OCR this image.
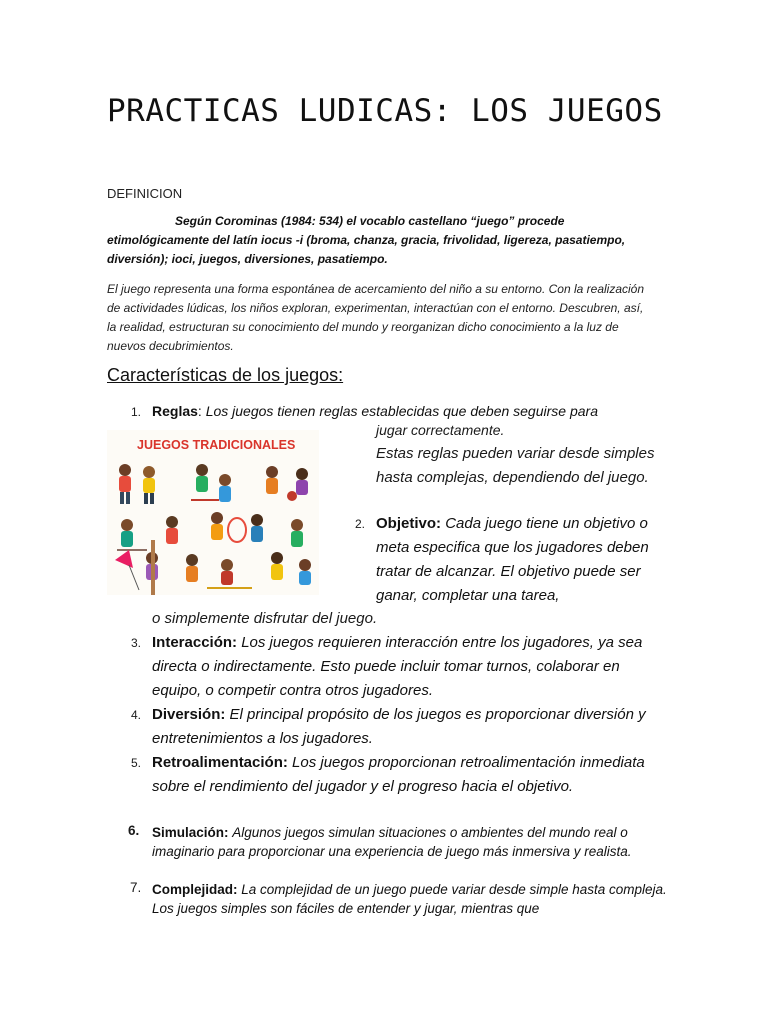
PRACTICAS LUDICAS: LOS JUEGOS
DEFINICION
Según Corominas (1984: 534) el vocablo castellano “juego” procede etimológicamente del latín iocus -i (broma, chanza, gracia, frivolidad, ligereza, pasatiempo, diversión); ioci, juegos, diversiones, pasatiempo.
El juego representa una forma espontánea de acercamiento del niño a su entorno. Con la realización de actividades lúdicas, los niños exploran, experimentan, interactúan con el entorno. Descubren, así, la realidad, estructuran su conocimiento del mundo y reorganizan dicho conocimiento a la luz de nuevos decubrimientos.
Características de los juegos:
JUEGOS TRADICIONALES
1. Reglas: Los juegos tienen reglas establecidas que deben seguirse para
jugar correctamente.
Estas reglas pueden variar desde simples hasta complejas, dependiendo del juego.
2. Objetivo: Cada juego tiene un objetivo o meta especifica que los jugadores deben tratar de alcanzar. El objetivo puede ser ganar, completar una tarea,
o simplemente disfrutar del juego.
3. Interacción: Los juegos requieren interacción entre los jugadores, ya sea directa o indirectamente. Esto puede incluir tomar turnos, colaborar en equipo, o competir contra otros jugadores.
4. Diversión: El principal propósito de los juegos es proporcionar diversión y entretenimientos a los jugadores.
5. Retroalimentación: Los juegos proporcionan retroalimentación inmediata sobre el rendimiento del jugador y el progreso hacia el objetivo.
6. Simulación: Algunos juegos simulan situaciones o ambientes del mundo real o imaginario para proporcionar una experiencia de juego más inmersiva y realista.
7. Complejidad: La complejidad de un juego puede variar desde simple hasta compleja. Los juegos simples son fáciles de entender y jugar, mientras que
